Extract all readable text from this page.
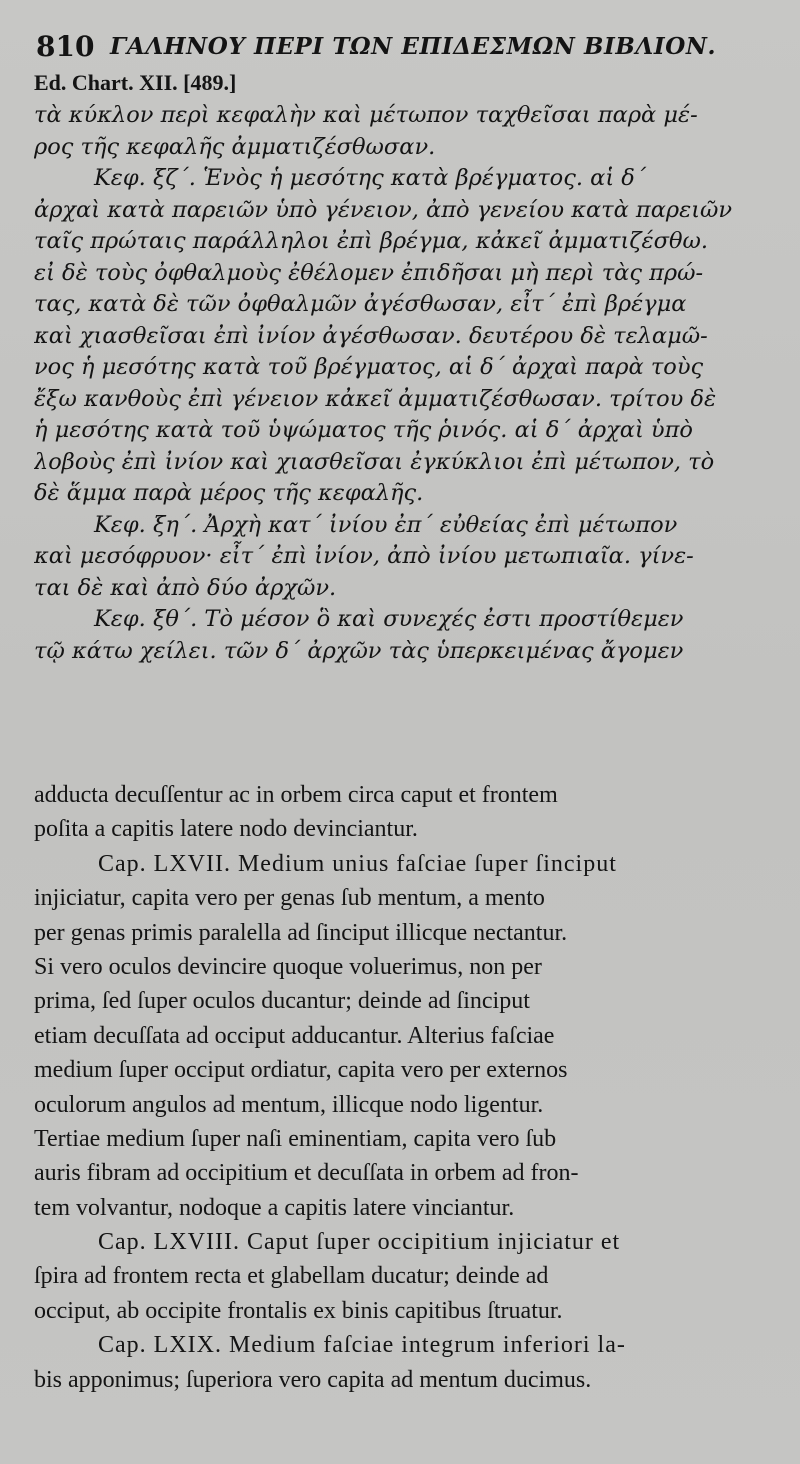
810 ΓΑΛΗΝΟΥ ΠΕΡΙ ΤΩΝ ΕΠΙΔΕΣΜΩΝ ΒΙΒΛΙΟΝ.
Ed. Chart. XII. [489.]
τὰ κύκλον περὶ κεφαλὴν καὶ μέτωπον ταχθεῖσαι παρὰ μέ-
ρος τῆς κεφαλῆς ἀμματιζέσθωσαν.
Κεφ. ξζ΄. Ἑνὸς ἡ μεσότης κατὰ βρέγματος. αἱ δ΄
ἀρχαὶ κατὰ παρειῶν ὑπὸ γένειον, ἀπὸ γενείου κατὰ παρειῶν
ταῖς πρώταις παράλληλοι ἐπὶ βρέγμα, κἀκεῖ ἀμματιζέσθω.
εἰ δὲ τοὺς ὀφθαλμοὺς ἐθέλομεν ἐπιδῆσαι μὴ περὶ τὰς πρώ-
τας, κατὰ δὲ τῶν ὀφθαλμῶν ἀγέσθωσαν, εἶτ΄ ἐπὶ βρέγμα
καὶ χιασθεῖσαι ἐπὶ ἰνίον ἀγέσθωσαν. δευτέρου δὲ τελαμῶ-
νος ἡ μεσότης κατὰ τοῦ βρέγματος, αἱ δ΄ ἀρχαὶ παρὰ τοὺς
ἔξω κανθοὺς ἐπὶ γένειον κἀκεῖ ἀμματιζέσθωσαν. τρίτου δὲ
ἡ μεσότης κατὰ τοῦ ὑψώματος τῆς ῥινός. αἱ δ΄ ἀρχαὶ ὑπὸ
λοβοὺς ἐπὶ ἰνίον καὶ χιασθεῖσαι ἐγκύκλιοι ἐπὶ μέτωπον, τὸ
δὲ ἅμμα παρὰ μέρος τῆς κεφαλῆς.
Κεφ. ξη΄. Ἀρχὴ κατ΄ ἰνίου ἐπ΄ εὐθείας ἐπὶ μέτωπον
καὶ μεσόφρυον· εἶτ΄ ἐπὶ ἰνίον, ἀπὸ ἰνίου μετωπιαῖα. γίνε-
ται δὲ καὶ ἀπὸ δύο ἀρχῶν.
Κεφ. ξθ΄. Τὸ μέσον ὃ καὶ συνεχές ἐστι προστίθεμεν
τῷ κάτω χείλει. τῶν δ΄ ἀρχῶν τὰς ὑπερκειμένας ἄγομεν
adducta decuſſentur ac in orbem circa caput et frontem
poſita a capitis latere nodo devinciantur.
Cap. LXVII. Medium unius faſciae ſuper ſinciput
injiciatur, capita vero per genas ſub mentum, a mento
per genas primis paralella ad ſinciput illicque nectantur.
Si vero oculos devincire quoque voluerimus, non per
prima, ſed ſuper oculos ducantur; deinde ad ſinciput
etiam decuſſata ad occiput adducantur. Alterius faſciae
medium ſuper occiput ordiatur, capita vero per externos
oculorum angulos ad mentum, illicque nodo ligentur.
Tertiae medium ſuper naſi eminentiam, capita vero ſub
auris fibram ad occipitium et decuſſata in orbem ad fron-
tem volvantur, nodoque a capitis latere vinciantur.
Cap. LXVIII. Caput ſuper occipitium injiciatur et
ſpira ad frontem recta et glabellam ducatur; deinde ad
occiput, ab occipite frontalis ex binis capitibus ſtruatur.
Cap. LXIX. Medium faſciae integrum inferiori la-
bis apponimus; ſuperiora vero capita ad mentum ducimus.
